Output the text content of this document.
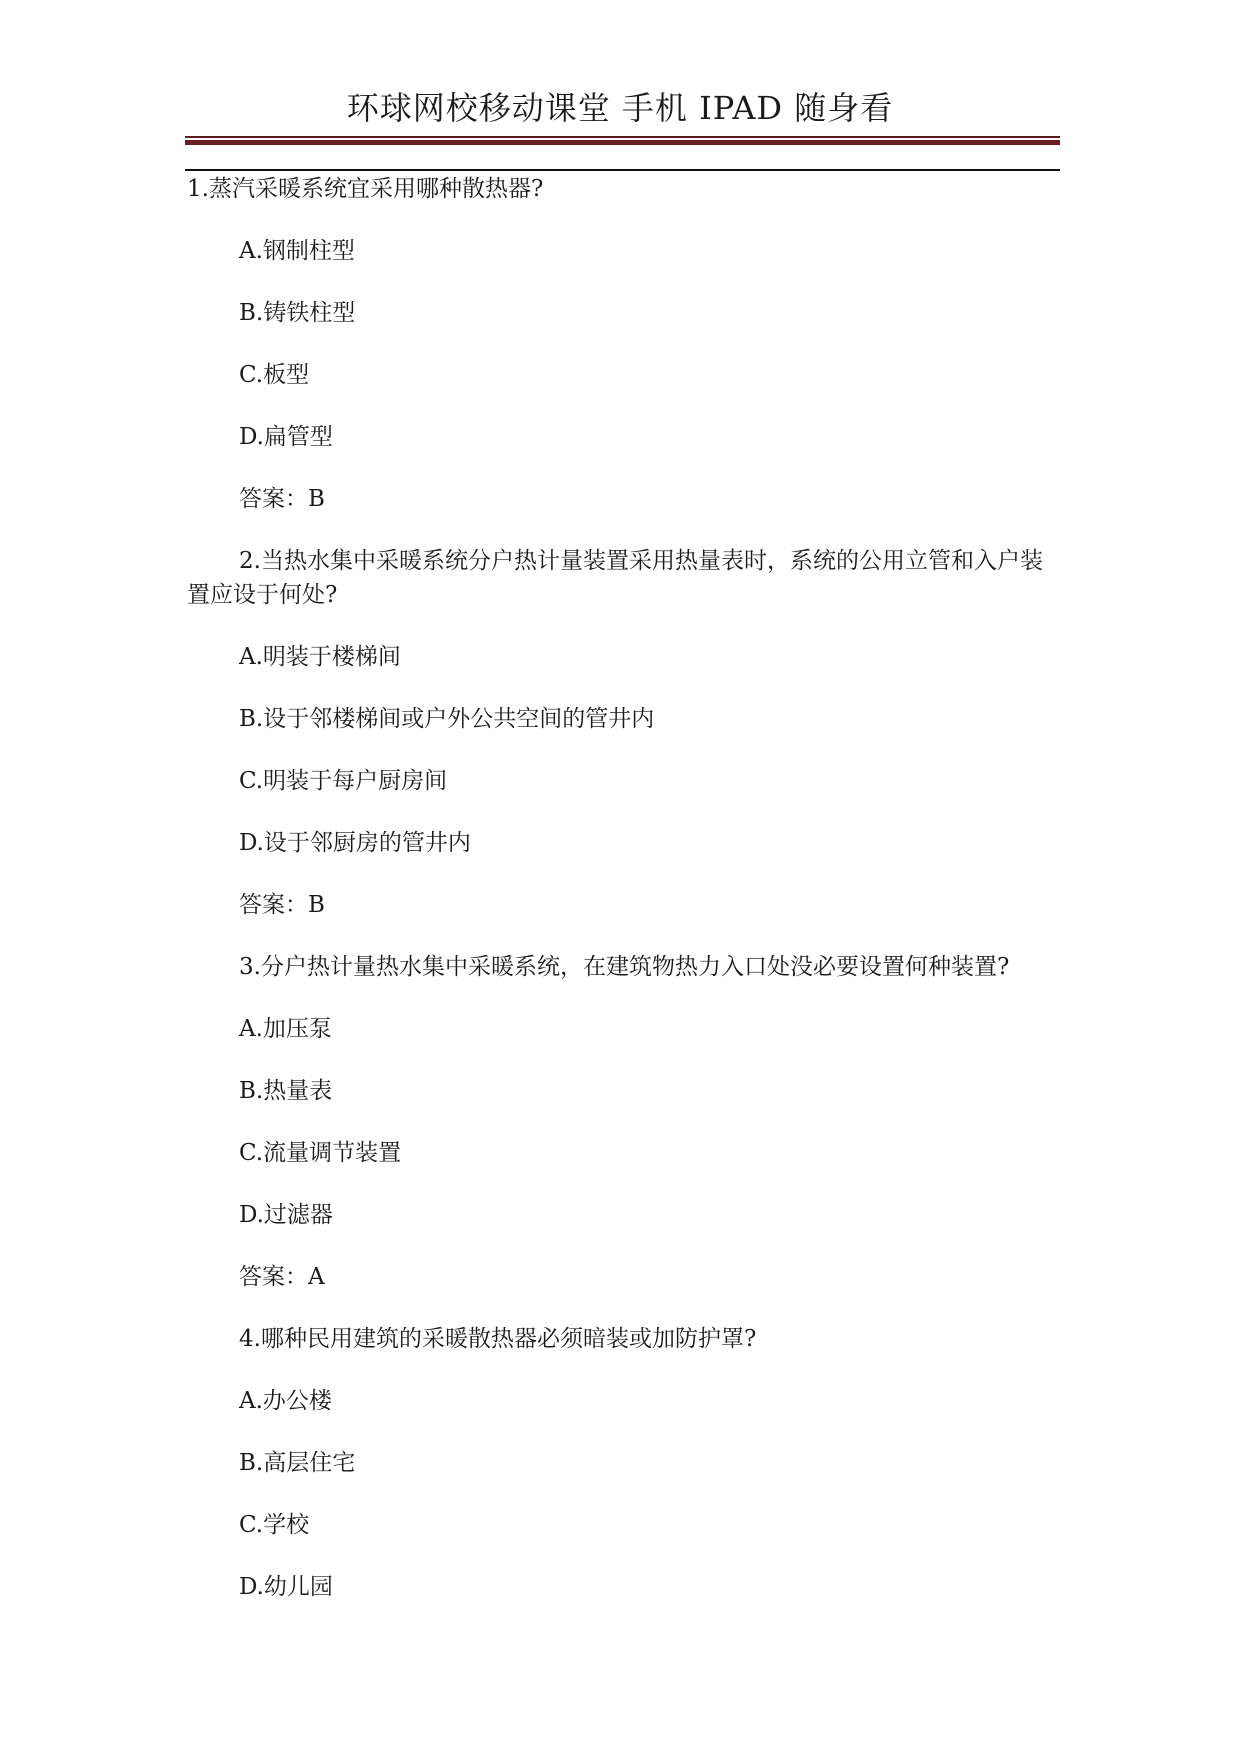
环球网校移动课堂 手机 IPAD 随身看

1.蒸汽采暖系统宜采用哪种散热器?

A.钢制柱型

B.铸铁柱型

C.板型

D.扁管型

答案：B

2.当热水集中采暖系统分户热计量装置采用热量表时，系统的公用立管和入户装置应设于何处?

A.明装于楼梯间

B.设于邻楼梯间或户外公共空间的管井内

C.明装于每户厨房间

D.设于邻厨房的管井内

答案：B

3.分户热计量热水集中采暖系统，在建筑物热力入口处没必要设置何种装置?

A.加压泵

B.热量表

C.流量调节装置

D.过滤器

答案：A

4.哪种民用建筑的采暖散热器必须暗装或加防护罩?

A.办公楼

B.高层住宅

C.学校

D.幼儿园
